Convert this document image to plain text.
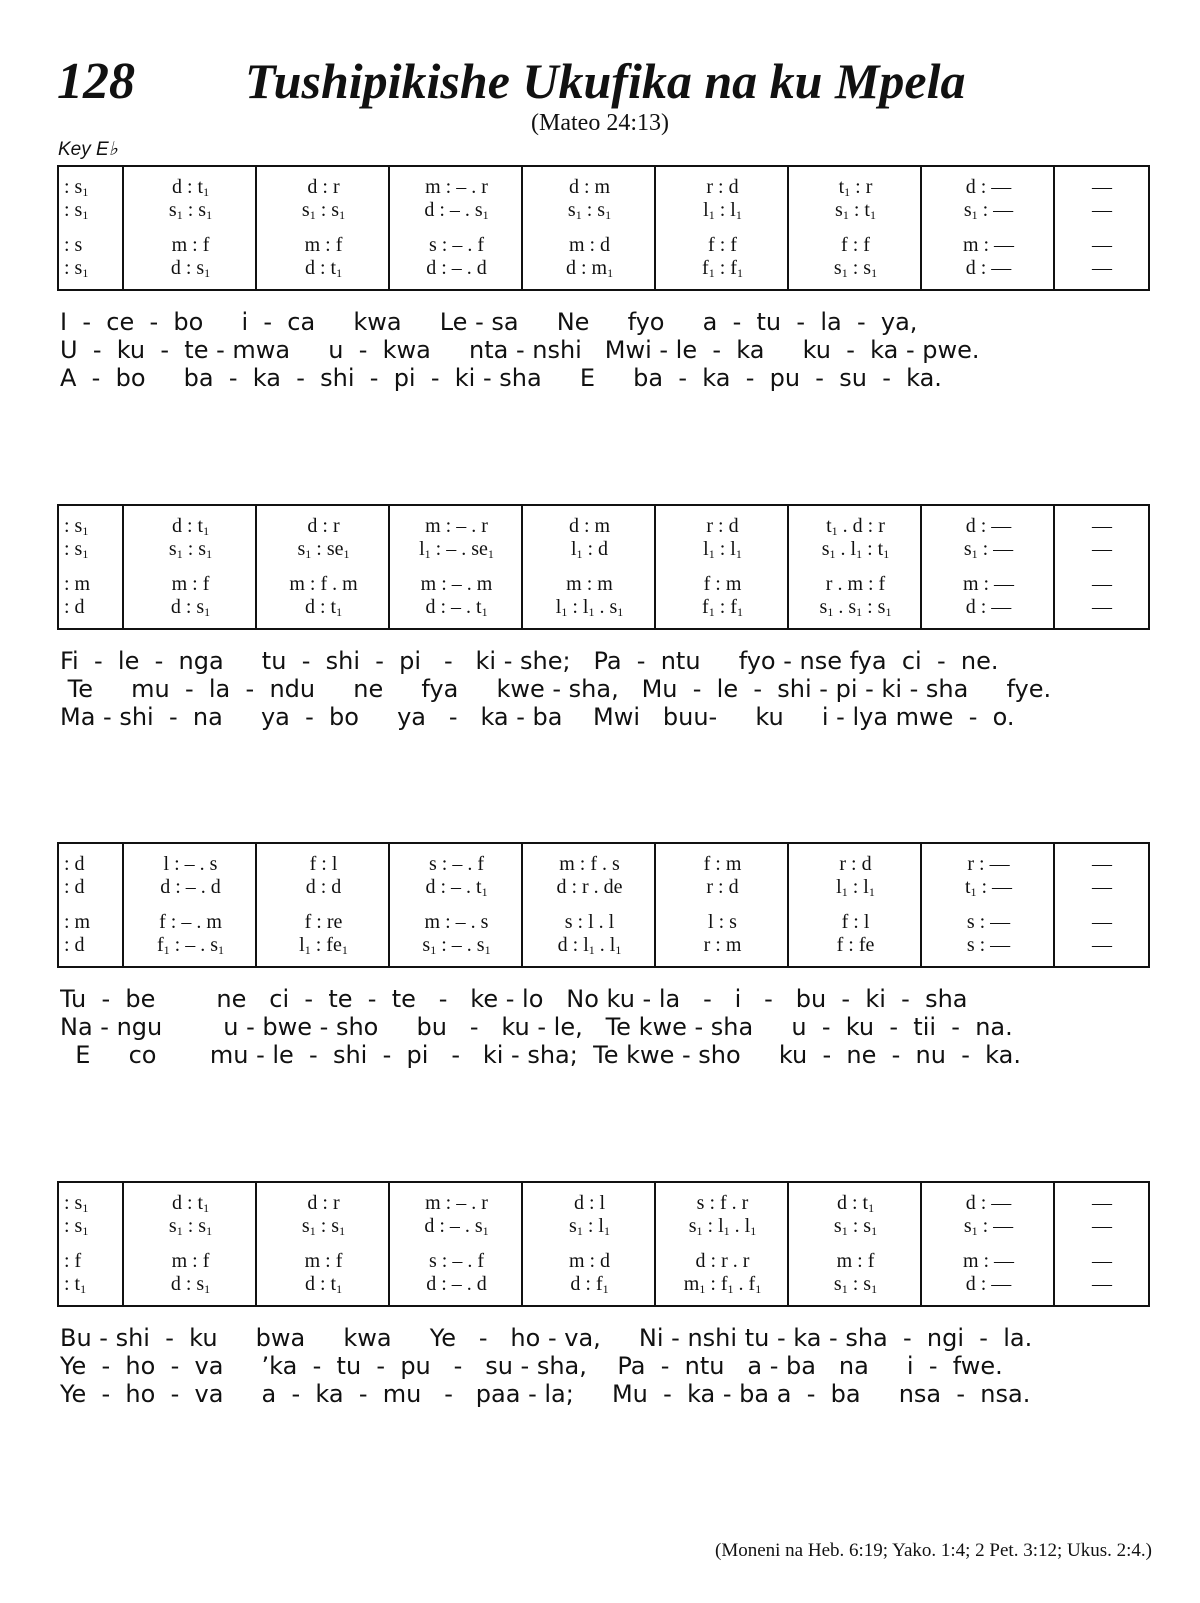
128 Tushipikishe Ukufika na ku Mpela
(Mateo 24:13)
Key E♭
: $s_1$	d : $t_1$	d : r	m : – . r	d : m	r : d	$t_1$ : r	d : —	—
: $s_1$	$s_1$ : $s_1$	$s_1$ : $s_1$	d : – . $s_1$	$s_1$ : $s_1$	$l_1$ : $l_1$	$s_1$ : $t_1$	$s_1$ : —	—
: s	m : f	m : f	s : – . f	m : d	f : f	f : f	m : —	—
: $s_1$	d : $s_1$	d : $t_1$	d : – . d	d : $m_1$	$f_1$ : $f_1$	$s_1$ : $s_1$	d : —	—
I  -  ce  -  bo     i  -  ca     kwa     Le - sa     Ne     fyo     a  -  tu  -  la  -  ya,
U  -  ku  -  te - mwa     u  -  kwa     nta - nshi   Mwi - le  -  ka     ku  -  ka - pwe.
A  -  bo     ba  -  ka  -  shi  -  pi  -  ki - sha     E     ba  -  ka  -  pu  -  su  -  ka.
: $s_1$	d : $t_1$	d : r	m : – . r	d : m	r : d	$t_1$ . d : r	d : —	—
: $s_1$	$s_1$ : $s_1$	$s_1$ : $se_1$	$l_1$ : – . $se_1$	$l_1$ : d	$l_1$ : $l_1$	$s_1$ . $l_1$ : $t_1$	$s_1$ : —	—
: m	m : f	m : f . m	m : – . m	m : m	f : m	r . m : f	m : —	—
: d	d : $s_1$	d : $t_1$	d : – . $t_1$	$l_1$ : $l_1$ . $s_1$	$f_1$ : $f_1$	$s_1$ . $s_1$ : $s_1$	d : —	—
Fi  -  le  -  nga     tu  -  shi  -  pi   -   ki - she;   Pa  -  ntu     fyo - nse fya  ci  -  ne.
Te     mu  -  la  -  ndu     ne     fya     kwe - sha,   Mu  -  le  -  shi - pi - ki - sha     fye.
Ma - shi  -  na     ya  -  bo     ya   -   ka - ba    Mwi   buu-     ku     i - lya mwe  -  o.
: d	l : – . s	f : l	s : – . f	m : f . s	f : m	r : d	r : —	—
: d	d : – . d	d : d	d : – . $t_1$	d : r . de	r : d	$l_1$ : $l_1$	$t_1$ : —	—
: m	f : – . m	f : re	m : – . s	s : l . l	l : s	f : l	s : —	—
: d	$f_1$ : – . $s_1$	$l_1$ : $fe_1$	$s_1$ : – . $s_1$	d : $l_1$ . $l_1$	r : m	f : fe	s : —	—
Tu  -  be        ne   ci  -  te  -  te   -   ke - lo   No ku - la   -   i   -   bu  -  ki  -  sha
Na - ngu        u - bwe - sho     bu   -   ku - le,   Te kwe - sha     u  -  ku  -  tii  -  na.
E     co       mu - le  -  shi  -  pi   -   ki - sha;  Te kwe - sho     ku  -  ne  -  nu  -  ka.
: $s_1$	d : $t_1$	d : r	m : – . r	d : l	s : f . r	d : $t_1$	d : —	—
: $s_1$	$s_1$ : $s_1$	$s_1$ : $s_1$	d : – . $s_1$	$s_1$ : $l_1$	$s_1$ : $l_1$ . $l_1$	$s_1$ : $s_1$	$s_1$ : —	—
: f	m : f	m : f	s : – . f	m : d	d : r . r	m : f	m : —	—
: $t_1$	d : $s_1$	d : $t_1$	d : – . d	d : $f_1$	$m_1$ : $f_1$ . $f_1$	$s_1$ : $s_1$	d : —	—
Bu - shi  -  ku     bwa     kwa     Ye   -   ho - va,     Ni - nshi tu - ka - sha  -  ngi  -  la.
Ye  -  ho  -  va     ’ka  -  tu  -  pu   -   su - sha,    Pa  -  ntu   a - ba   na     i  -  fwe.
Ye  -  ho  -  va     a  -  ka  -  mu   -   paa - la;     Mu  -  ka - ba a  -  ba     nsa  -  nsa.
(Moneni na Heb. 6:19; Yako. 1:4; 2 Pet. 3:12; Ukus. 2:4.)
